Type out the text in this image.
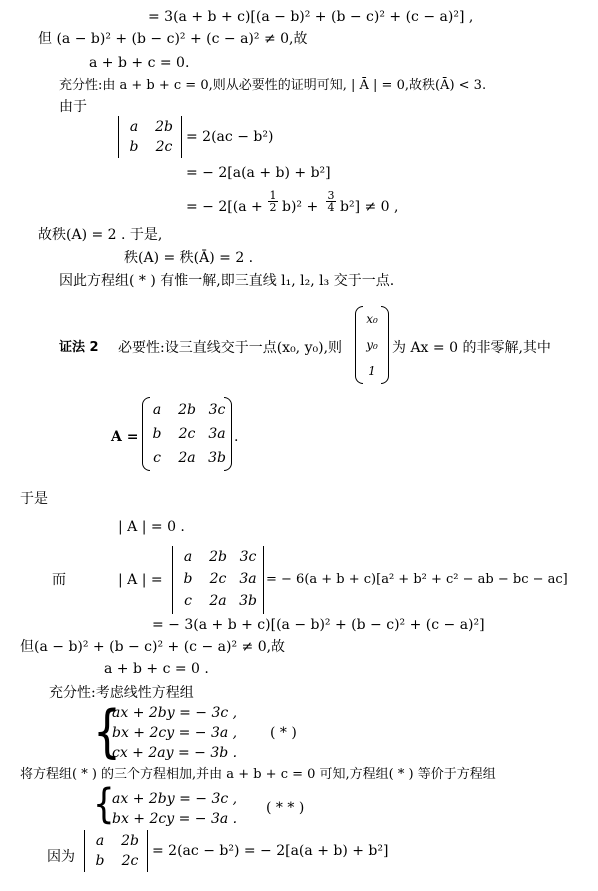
= 3(a + b + c)[(a − b)² + (b − c)² + (c − a)²] ,
但 (a − b)² + (b − c)² + (c − a)² ≠ 0,故
a + b + c = 0.
充分性:由 a + b + c = 0,则从必要性的证明可知, | Ā | = 0,故秩(Ā) < 3.
由于
a	2b
b	2c
= 2(ac − b²)
= − 2[a(a + b) + b²]
= − $2[(a + \frac{1}{2} b)^2 + \frac{3}{4} b^2] \ne 0$ ,
故秩(A) = 2 . 于是,
秩(A) = 秩(Ā) = 2 .
因此方程组( * ) 有惟一解,即三直线 l₁, l₂, l₃ 交于一点.
证法 2 必要性:设三直线交于一点(x₀, y₀),则
x₀
y₀
1
为 Ax = 0 的非零解,其中
A =
a	2b 3c
b	2c 3a
c	2a 3b
.
于是
| A | = 0 .
而	| A | =
a	2b 3c
b	2c 3a
c	2a 3b
= − 6(a + b + c)[a² + b² + c² − ab − bc − ac]
= − 3(a + b + c)[(a − b)² + (b − c)² + (c − a)²]
但(a − b)² + (b − c)² + (c − a)² ≠ 0,故
a + b + c = 0 .
充分性:考虑线性方程组
{
ax + 2by = − 3c ,
bx + 2cy = − 3a , ( * )
cx + 2ay = − 3b .
将方程组( * ) 的三个方程相加,并由 a + b + c = 0 可知,方程组( * ) 等价于方程组
{
ax + 2by = − 3c ,
( * * )
bx + 2cy = − 3a .
因为
a	2b
b	2c
= 2(ac − b²) = − 2[a(a + b) + b²]
